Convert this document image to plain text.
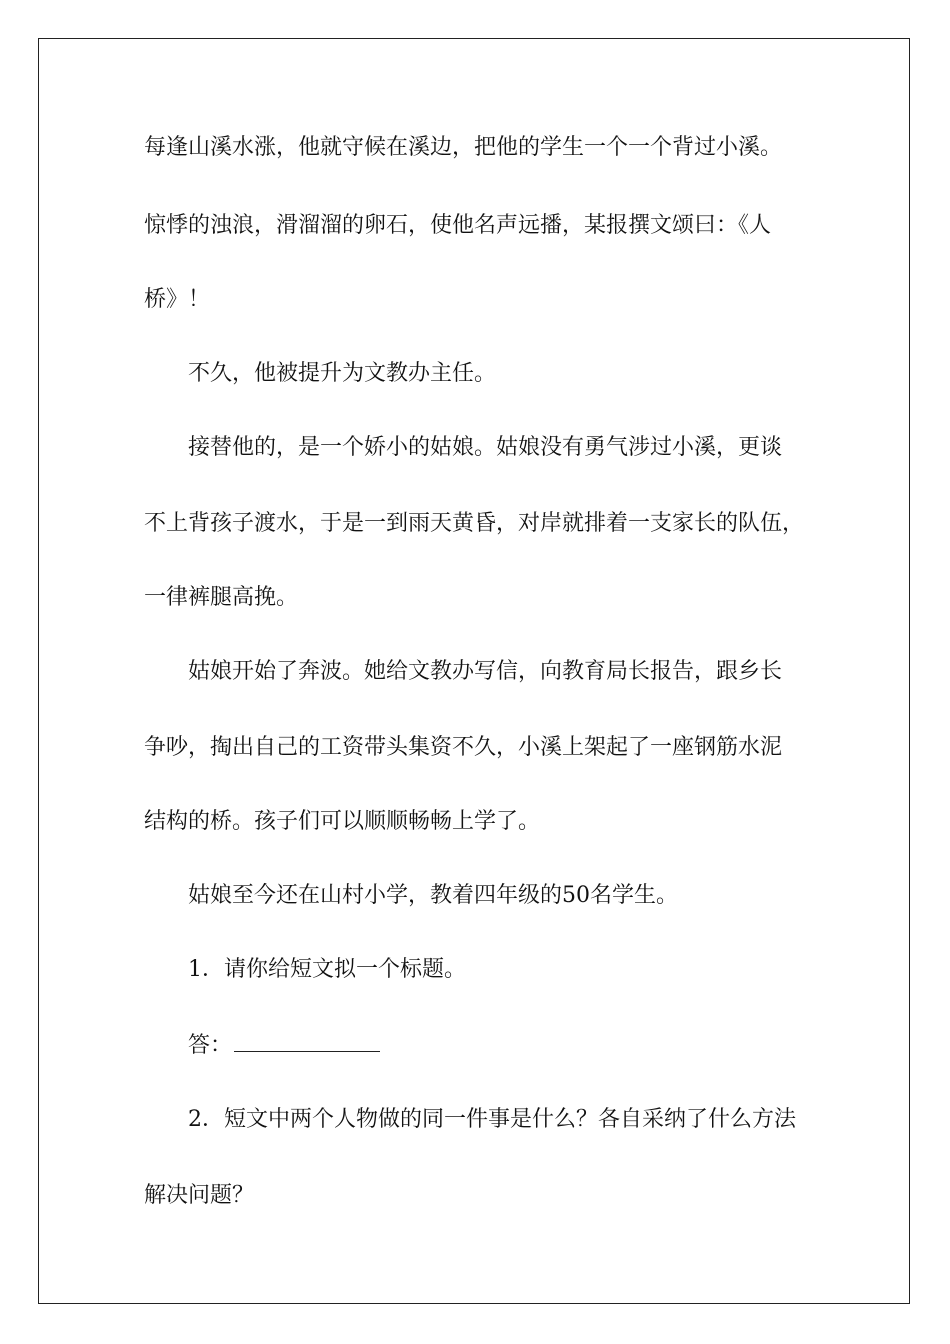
每逢山溪水涨，他就守候在溪边，把他的学生一个一个背过小溪。
惊悸的浊浪，滑溜溜的卵石，使他名声远播，某报撰文颂曰：《人
桥》！
不久，他被提升为文教办主任。
接替他的，是一个娇小的姑娘。姑娘没有勇气涉过小溪，更谈
不上背孩子渡水，于是一到雨天黄昏，对岸就排着一支家长的队伍，
一律裤腿高挽。
姑娘开始了奔波。她给文教办写信，向教育局长报告，跟乡长
争吵，掏出自己的工资带头集资不久，小溪上架起了一座钢筋水泥
结构的桥。孩子们可以顺顺畅畅上学了。
姑娘至今还在山村小学，教着四年级的50名学生。
1．请你给短文拟一个标题。
答：
2．短文中两个人物做的同一件事是什么？各自采纳了什么方法
解决问题？
